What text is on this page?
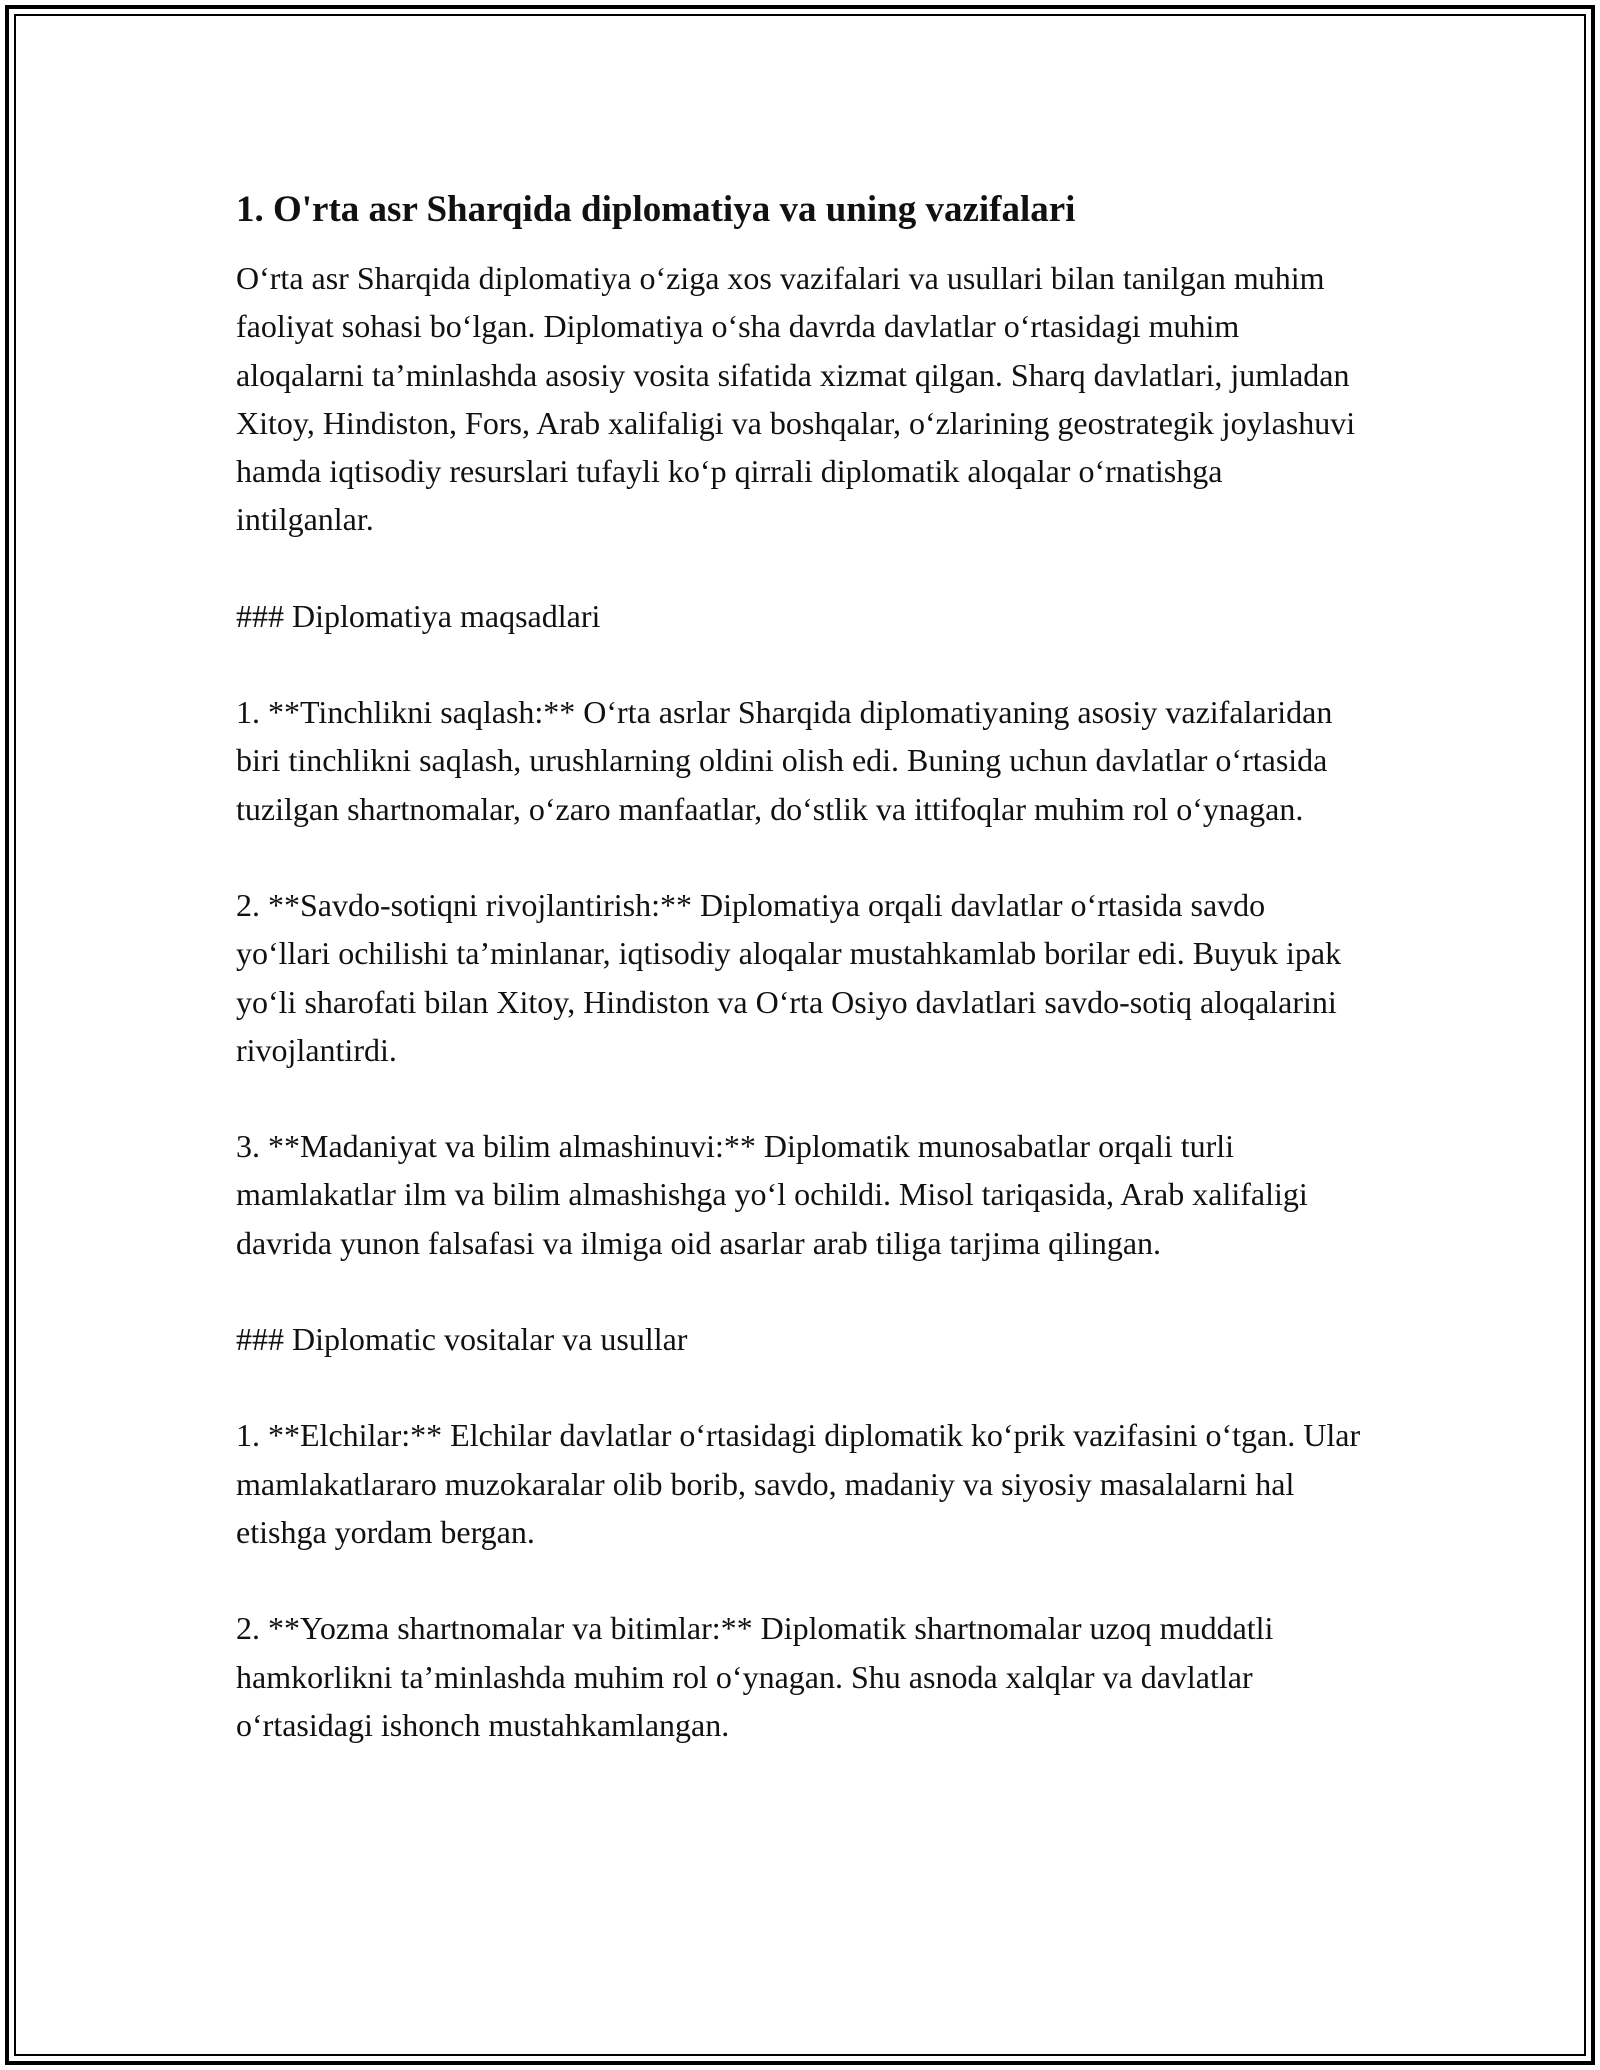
1. O'rta asr Sharqida diplomatiya va uning vazifalari

O‘rta asr Sharqida diplomatiya o‘ziga xos vazifalari va usullari bilan tanilgan muhim faoliyat sohasi bo‘lgan. Diplomatiya o‘sha davrda davlatlar o‘rtasidagi muhim aloqalarni ta’minlashda asosiy vosita sifatida xizmat qilgan. Sharq davlatlari, jumladan Xitoy, Hindiston, Fors, Arab xalifaligi va boshqalar, o‘zlarining geostrategik joylashuvi hamda iqtisodiy resurslari tufayli ko‘p qirrali diplomatik aloqalar o‘rnatishga intilganlar.

### Diplomatiya maqsadlari

1. **Tinchlikni saqlash:** O‘rta asrlar Sharqida diplomatiyaning asosiy vazifalaridan biri tinchlikni saqlash, urushlarning oldini olish edi. Buning uchun davlatlar o‘rtasida tuzilgan shartnomalar, o‘zaro manfaatlar, do‘stlik va ittifoqlar muhim rol o‘ynagan.

2. **Savdo-sotiqni rivojlantirish:** Diplomatiya orqali davlatlar o‘rtasida savdo yo‘llari ochilishi ta’minlanar, iqtisodiy aloqalar mustahkamlab borilar edi. Buyuk ipak yo‘li sharofati bilan Xitoy, Hindiston va O‘rta Osiyo davlatlari savdo-sotiq aloqalarini rivojlantirdi.

3. **Madaniyat va bilim almashinuvi:** Diplomatik munosabatlar orqali turli mamlakatlar ilm va bilim almashishga yo‘l ochildi. Misol tariqasida, Arab xalifaligi davrida yunon falsafasi va ilmiga oid asarlar arab tiliga tarjima qilingan.

### Diplomatic vositalar va usullar

1. **Elchilar:** Elchilar davlatlar o‘rtasidagi diplomatik ko‘prik vazifasini o‘tgan. Ular mamlakatlararo muzokaralar olib borib, savdo, madaniy va siyosiy masalalarni hal etishga yordam bergan.

2. **Yozma shartnomalar va bitimlar:** Diplomatik shartnomalar uzoq muddatli hamkorlikni ta’minlashda muhim rol o‘ynagan. Shu asnoda xalqlar va davlatlar o‘rtasidagi ishonch mustahkamlangan.
